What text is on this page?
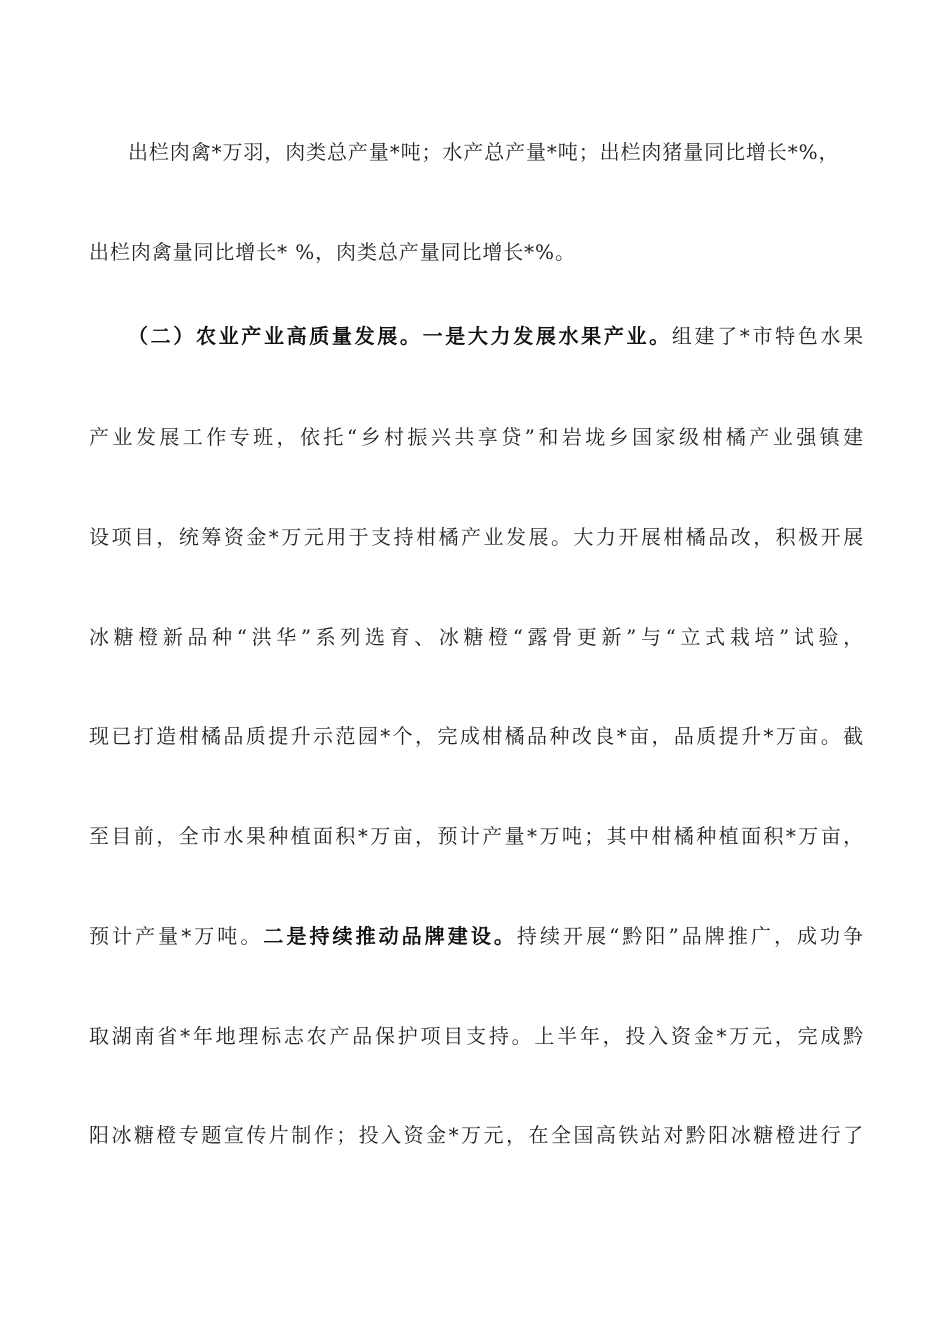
出栏肉禽*万羽，肉类总产量*吨；水产总产量*吨；出栏肉猪量同比增长*%，
出栏肉禽量同比增长* %，肉类总产量同比增长*%。
（二）农业产业高质量发展。一是大力发展水果产业。组建了*市特色水果
产业发展工作专班，依托“乡村振兴共享贷”和岩垅乡国家级柑橘产业强镇建
设项目，统筹资金*万元用于支持柑橘产业发展。大力开展柑橘品改，积极开展
冰糖橙新品种“洪华”系列选育、冰糖橙“露骨更新”与“立式栽培”试验，
现已打造柑橘品质提升示范园*个，完成柑橘品种改良*亩，品质提升*万亩。截
至目前，全市水果种植面积*万亩，预计产量*万吨；其中柑橘种植面积*万亩，
预计产量*万吨。二是持续推动品牌建设。持续开展“黔阳”品牌推广，成功争
取湖南省*年地理标志农产品保护项目支持。上半年，投入资金*万元，完成黔
阳冰糖橙专题宣传片制作；投入资金*万元，在全国高铁站对黔阳冰糖橙进行了
